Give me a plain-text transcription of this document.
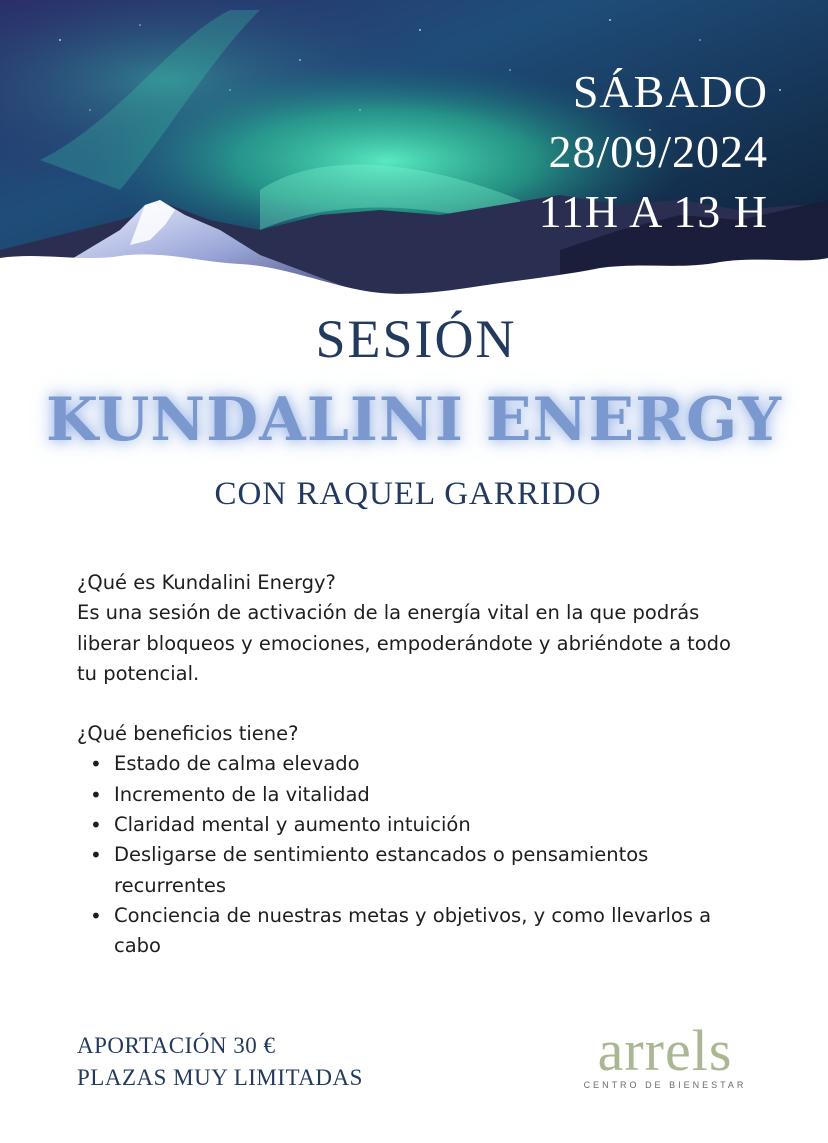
SÁBADO
28/09/2024
11H A 13 H
SESIÓN
KUNDALINI ENERGY
CON RAQUEL GARRIDO

¿Qué es Kundalini Energy?

Es una sesión de activación de la energía vital en la que podrás liberar bloqueos y emociones, empoderándote y abriéndote a todo tu potencial.

¿Qué beneficios tiene?

• Estado de calma elevado
• Incremento de la vitalidad
• Claridad mental y aumento intuición
• Desligarse de sentimiento estancados o pensamientos recurrentes
• Conciencia de nuestras metas y objetivos, y como llevarlos a cabo
APORTACIÓN 30 €
PLAZAS MUY LIMITADAS	arrels
CENTRO DE BIENESTAR
